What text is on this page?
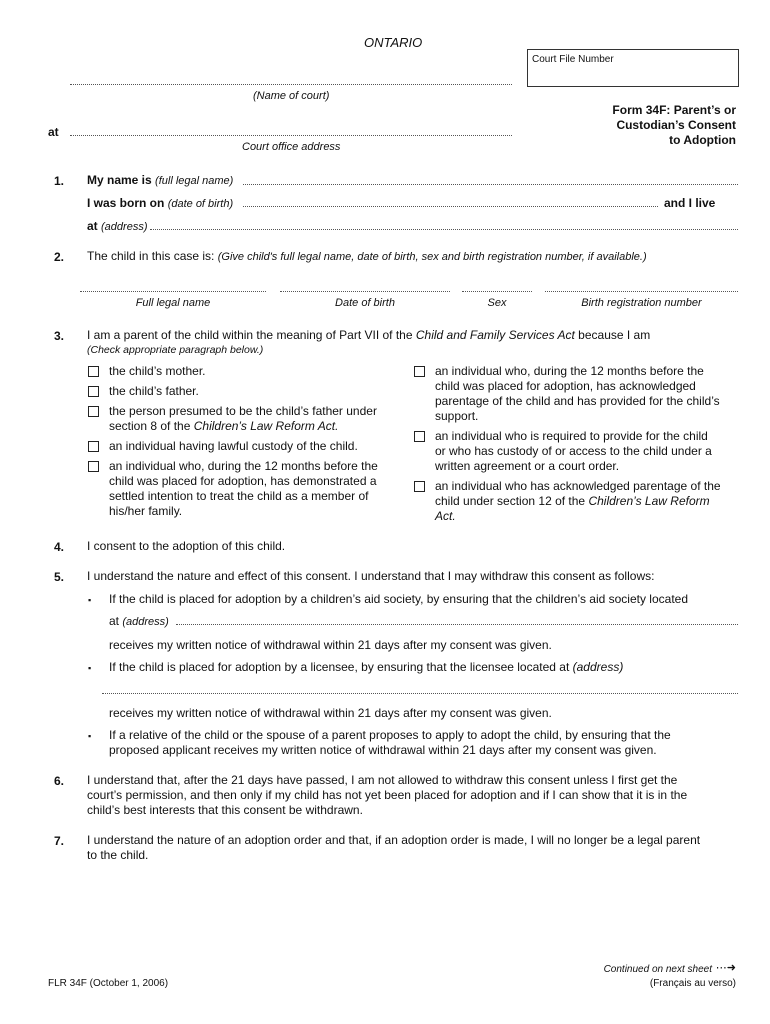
ONTARIO
Court File Number
(Name of court)
at
Court office address
Form 34F: Parent’s or
Custodian’s Consent
to Adoption
1. My name is (full legal name)
I was born on (date of birth)	and I live
at (address)
2. The child in this case is: (Give child's full legal name, date of birth, sex and birth registration number, if available.)
Full legal name	Date of birth	Sex	Birth registration number
3. I am a parent of the child within the meaning of Part VII of the Child and Family Services Act because I am
(Check appropriate paragraph below.)
the child’s mother.
the child’s father.
the person presumed to be the child’s father under
section 8 of the Children’s Law Reform Act.
an individual having lawful custody of the child.
an individual who, during the 12 months before the
child was placed for adoption, has demonstrated a
settled intention to treat the child as a member of
his/her family.
an individual who, during the 12 months before the
child was placed for adoption, has acknowledged
parentage of the child and has provided for the child’s
support.
an individual who is required to provide for the child
or who has custody of or access to the child under a
written agreement or a court order.
an individual who has acknowledged parentage of the
child under section 12 of the Children’s Law Reform
Act.
4. I consent to the adoption of this child.
5. I understand the nature and effect of this consent. I understand that I may withdraw this consent as follows:
▪ If the child is placed for adoption by a children’s aid society, by ensuring that the children’s aid society located
at (address)
receives my written notice of withdrawal within 21 days after my consent was given.
▪ If the child is placed for adoption by a licensee, by ensuring that the licensee located at (address)
receives my written notice of withdrawal within 21 days after my consent was given.
▪ If a relative of the child or the spouse of a parent proposes to apply to adopt the child, by ensuring that the
proposed applicant receives my written notice of withdrawal within 21 days after my consent was given.
6. I understand that, after the 21 days have passed, I am not allowed to withdraw this consent unless I first get the
court’s permission, and then only if my child has not yet been placed for adoption and if I can show that it is in the
child’s best interests that this consent be withdrawn.
7. I understand the nature of an adoption order and that, if an adoption order is made, I will no longer be a legal parent
to the child.
Continued on next sheet ⋯➜
FLR 34F (October 1, 2006)	(Français au verso)
